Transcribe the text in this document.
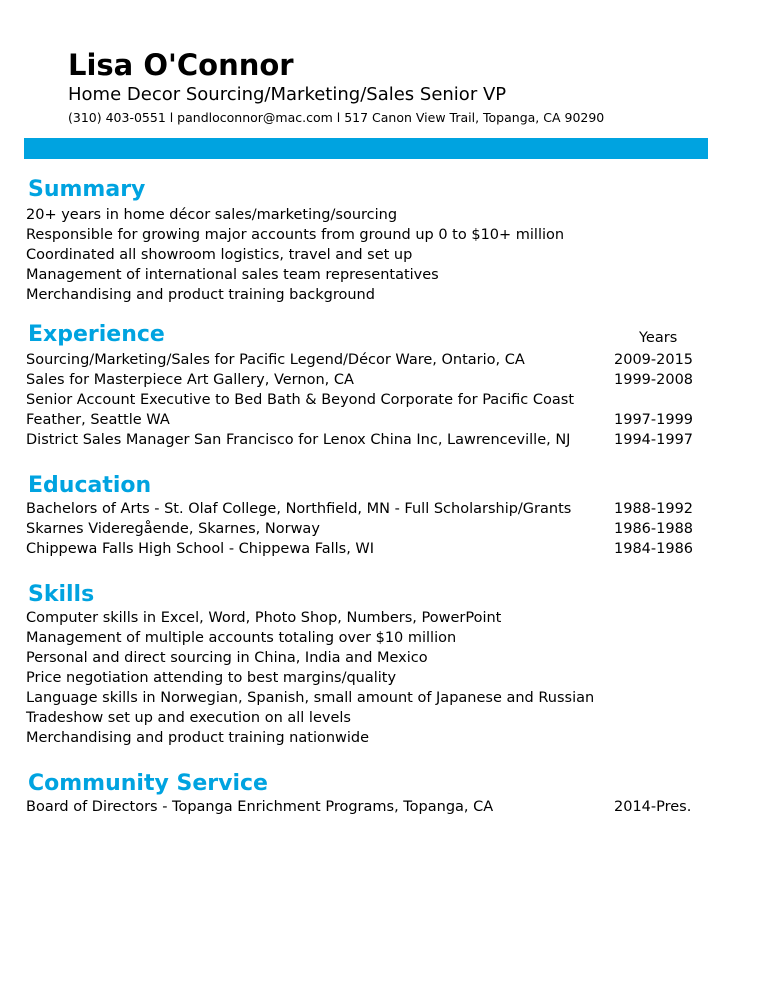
Lisa O'Connor
Home Decor Sourcing/Marketing/Sales Senior VP
(310) 403-0551 l pandloconnor@mac.com l 517 Canon View Trail, Topanga, CA 90290
Summary
20+ years in home décor sales/marketing/sourcing
Responsible for growing major accounts from ground up 0 to $10+ million
Coordinated all showroom logistics, travel and set up
Management of international sales team representatives
Merchandising and product training background
Experience	Years
Sourcing/Marketing/Sales for Pacific Legend/Décor Ware, Ontario, CA	2009-2015
Sales for Masterpiece Art Gallery, Vernon, CA	1999-2008
Senior Account Executive to Bed Bath & Beyond Corporate for Pacific Coast
Feather, Seattle WA	1997-1999
District Sales Manager San Francisco for Lenox China Inc, Lawrenceville, NJ	1994-1997
Education
Bachelors of Arts - St. Olaf College, Northfield, MN - Full Scholarship/Grants	1988-1992
Skarnes Videregående, Skarnes, Norway	1986-1988
Chippewa Falls High School - Chippewa Falls, WI	1984-1986
Skills
Computer skills in Excel, Word, Photo Shop, Numbers, PowerPoint
Management of multiple accounts totaling over $10 million
Personal and direct sourcing in China, India and Mexico
Price negotiation attending to best margins/quality
Language skills in Norwegian, Spanish, small amount of Japanese and Russian
Tradeshow set up and execution on all levels
Merchandising and product training nationwide
Community Service
Board of Directors - Topanga Enrichment Programs, Topanga, CA	2014-Pres.
